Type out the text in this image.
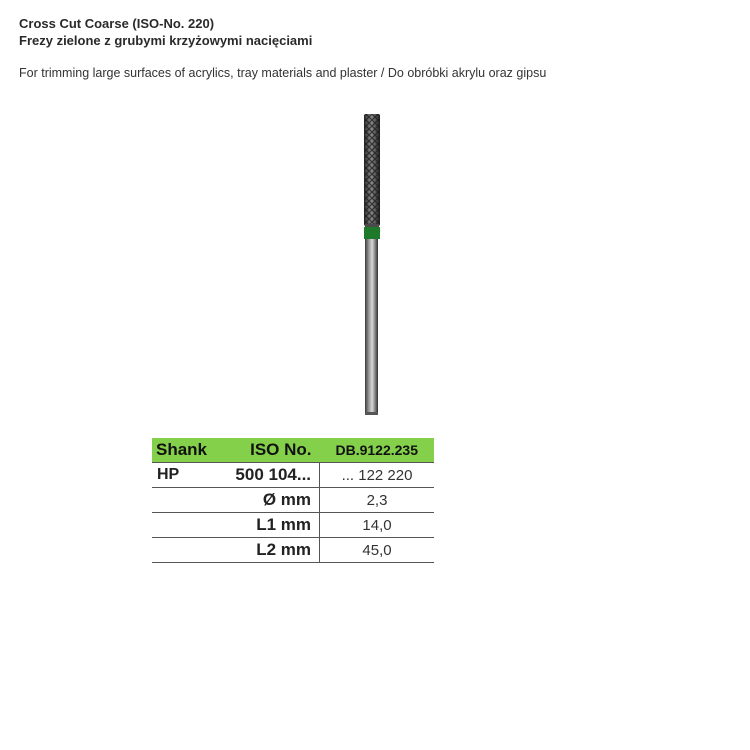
Cross Cut Coarse (ISO-No. 220)
Frezy zielone z grubymi krzyżowymi nacięciami
For trimming large surfaces of acrylics, tray materials and plaster / Do obróbki akrylu oraz gipsu
Shank	ISO No.	DB.9122.235
HP	500 104...	... 122 220
	Ø mm	2,3
	L1 mm	14,0
	L2 mm	45,0
